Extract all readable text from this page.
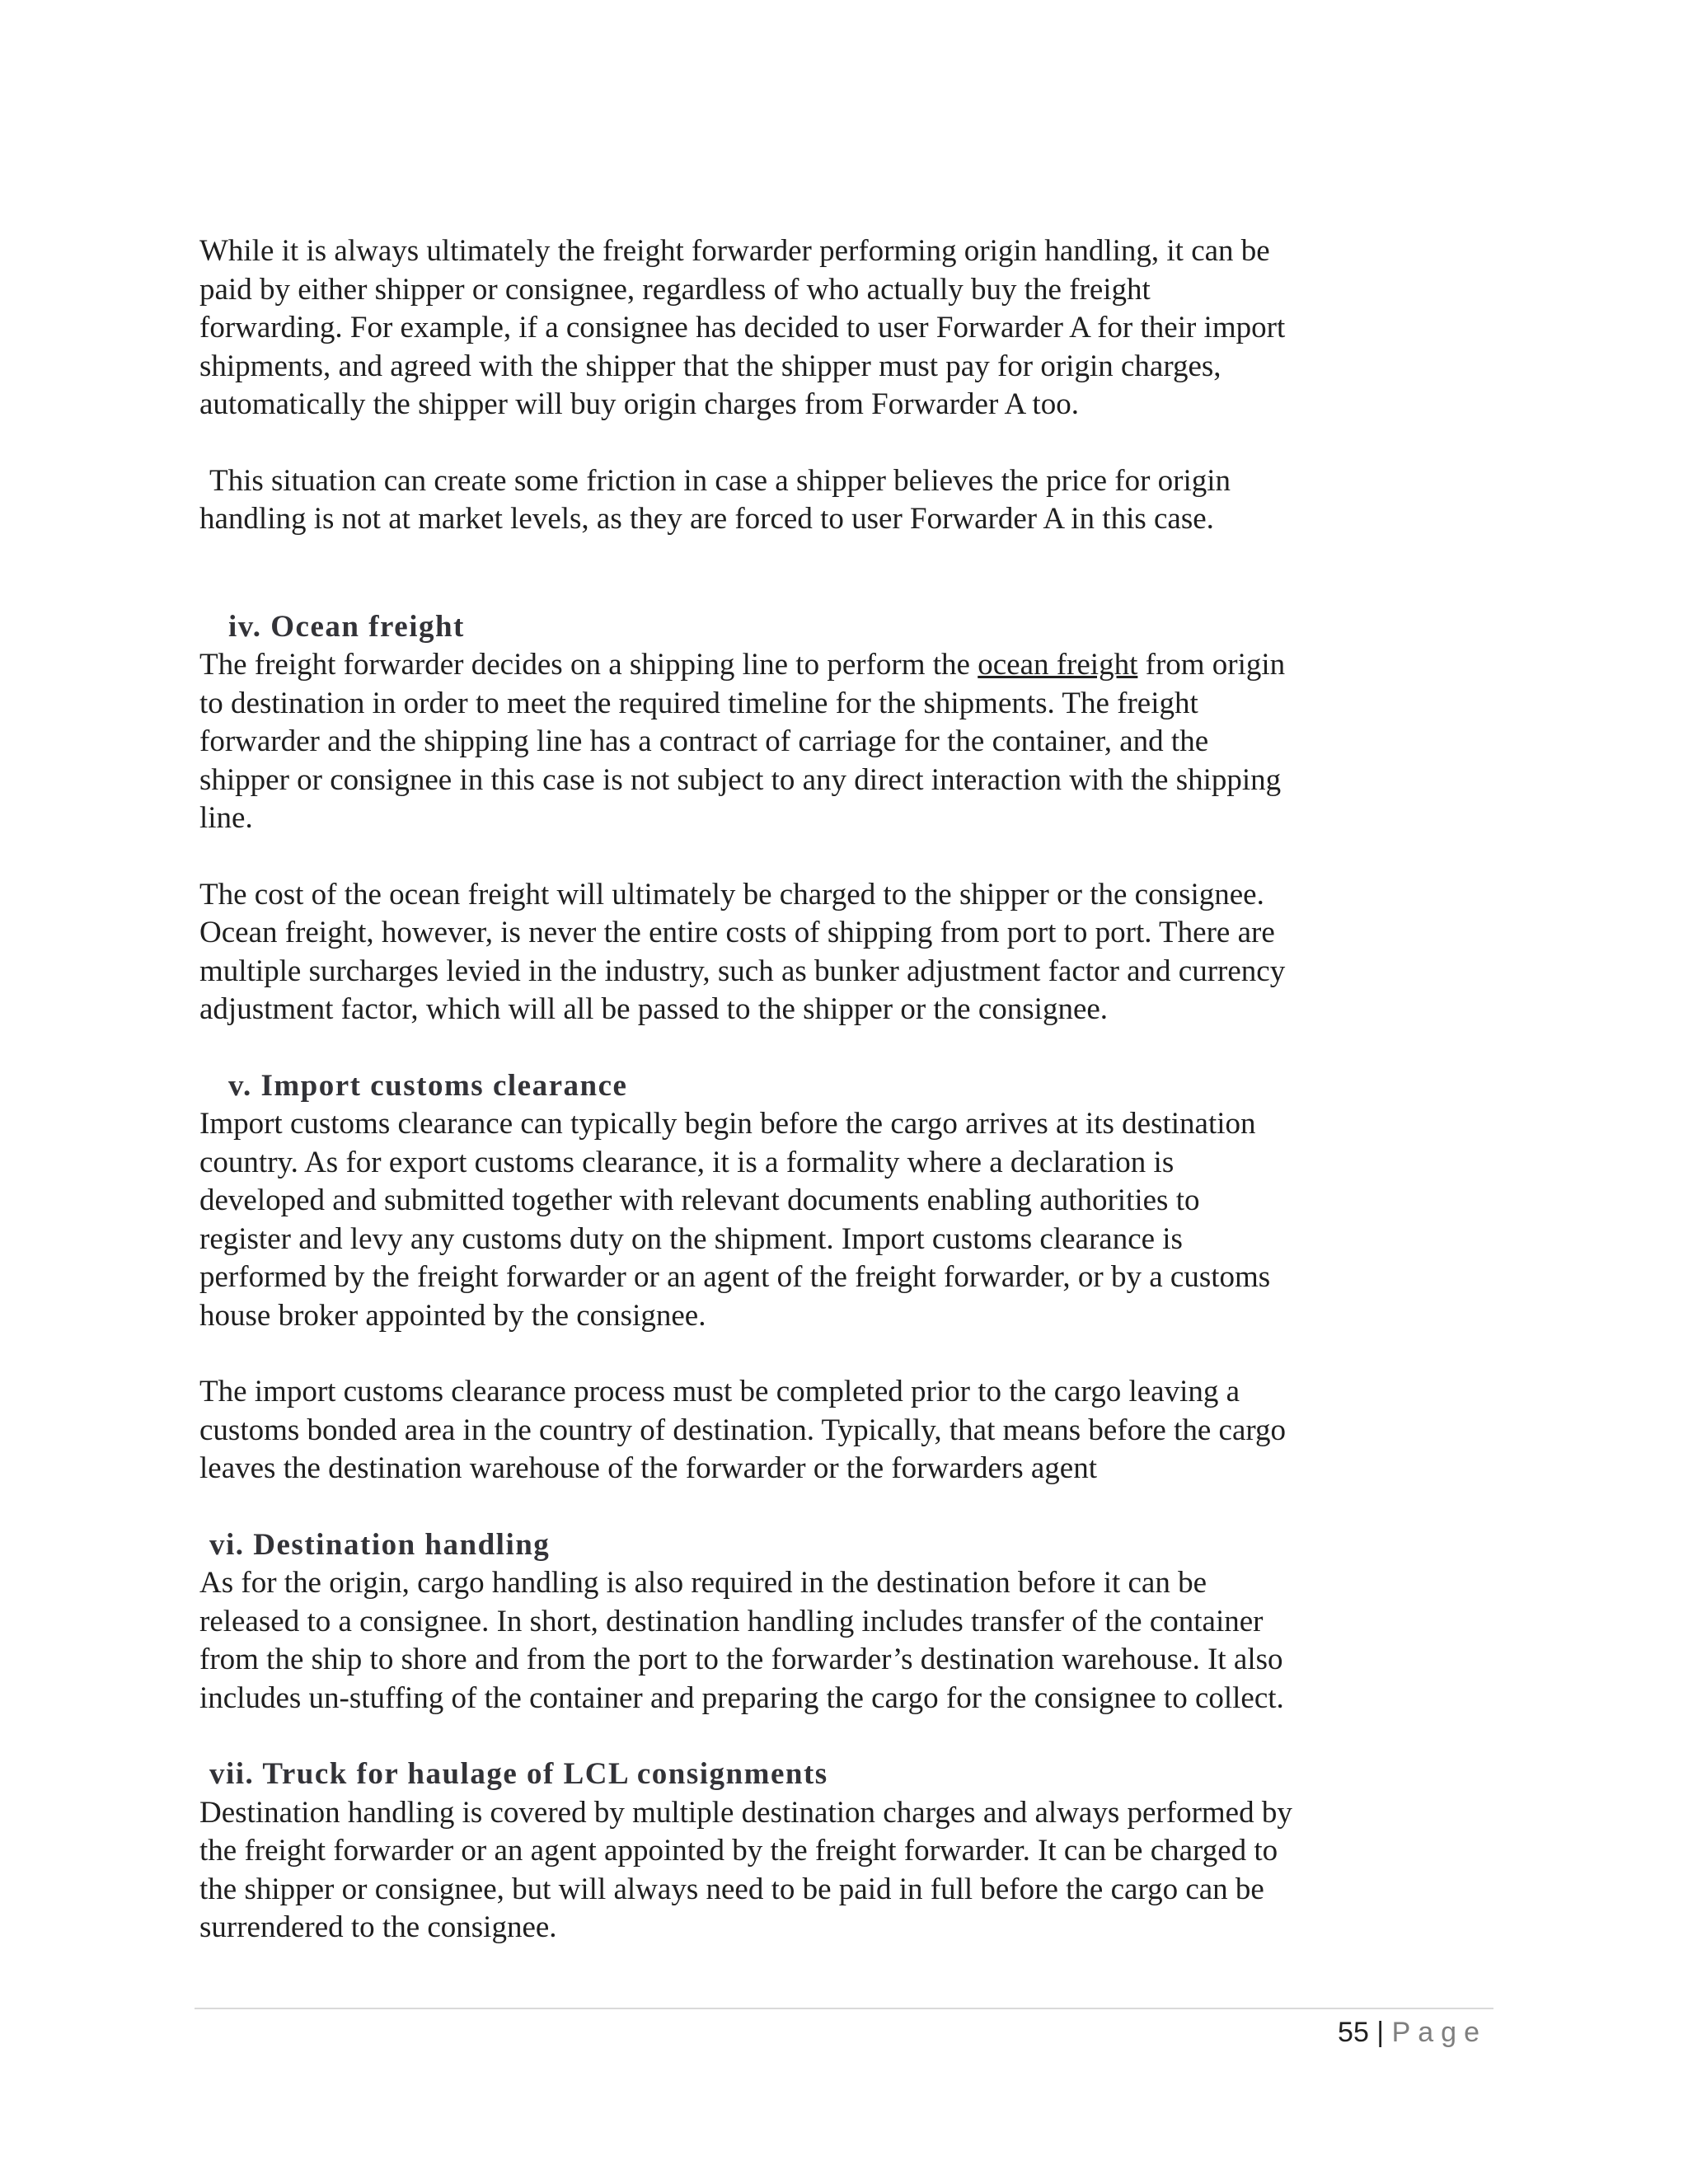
While it is always ultimately the freight forwarder performing origin handling, it can be
paid by either shipper or consignee, regardless of who actually buy the freight
forwarding. For example, if a consignee has decided to user Forwarder A for their import
shipments, and agreed with the shipper that the shipper must pay for origin charges,
automatically the shipper will buy origin charges from Forwarder A too.
This situation can create some friction in case a shipper believes the price for origin
handling is not at market levels, as they are forced to user Forwarder A in this case.
iv. Ocean freight
The freight forwarder decides on a shipping line to perform the ocean freight from origin
to destination in order to meet the required timeline for the shipments. The freight
forwarder and the shipping line has a contract of carriage for the container, and the
shipper or consignee in this case is not subject to any direct interaction with the shipping
line.
The cost of the ocean freight will ultimately be charged to the shipper or the consignee.
Ocean freight, however, is never the entire costs of shipping from port to port. There are
multiple surcharges levied in the industry, such as bunker adjustment factor and currency
adjustment factor, which will all be passed to the shipper or the consignee.
v. Import customs clearance
Import customs clearance can typically begin before the cargo arrives at its destination
country. As for export customs clearance, it is a formality where a declaration is
developed and submitted together with relevant documents enabling authorities to
register and levy any customs duty on the shipment. Import customs clearance is
performed by the freight forwarder or an agent of the freight forwarder, or by a customs
house broker appointed by the consignee.
The import customs clearance process must be completed prior to the cargo leaving a
customs bonded area in the country of destination. Typically, that means before the cargo
leaves the destination warehouse of the forwarder or the forwarders agent
vi. Destination handling
As for the origin, cargo handling is also required in the destination before it can be
released to a consignee. In short, destination handling includes transfer of the container
from the ship to shore and from the port to the forwarder’s destination warehouse. It also
includes un-stuffing of the container and preparing the cargo for the consignee to collect.
vii. Truck for haulage of LCL consignments
Destination handling is covered by multiple destination charges and always performed by
the freight forwarder or an agent appointed by the freight forwarder. It can be charged to
the shipper or consignee, but will always need to be paid in full before the cargo can be
surrendered to the consignee.
55 | Page
